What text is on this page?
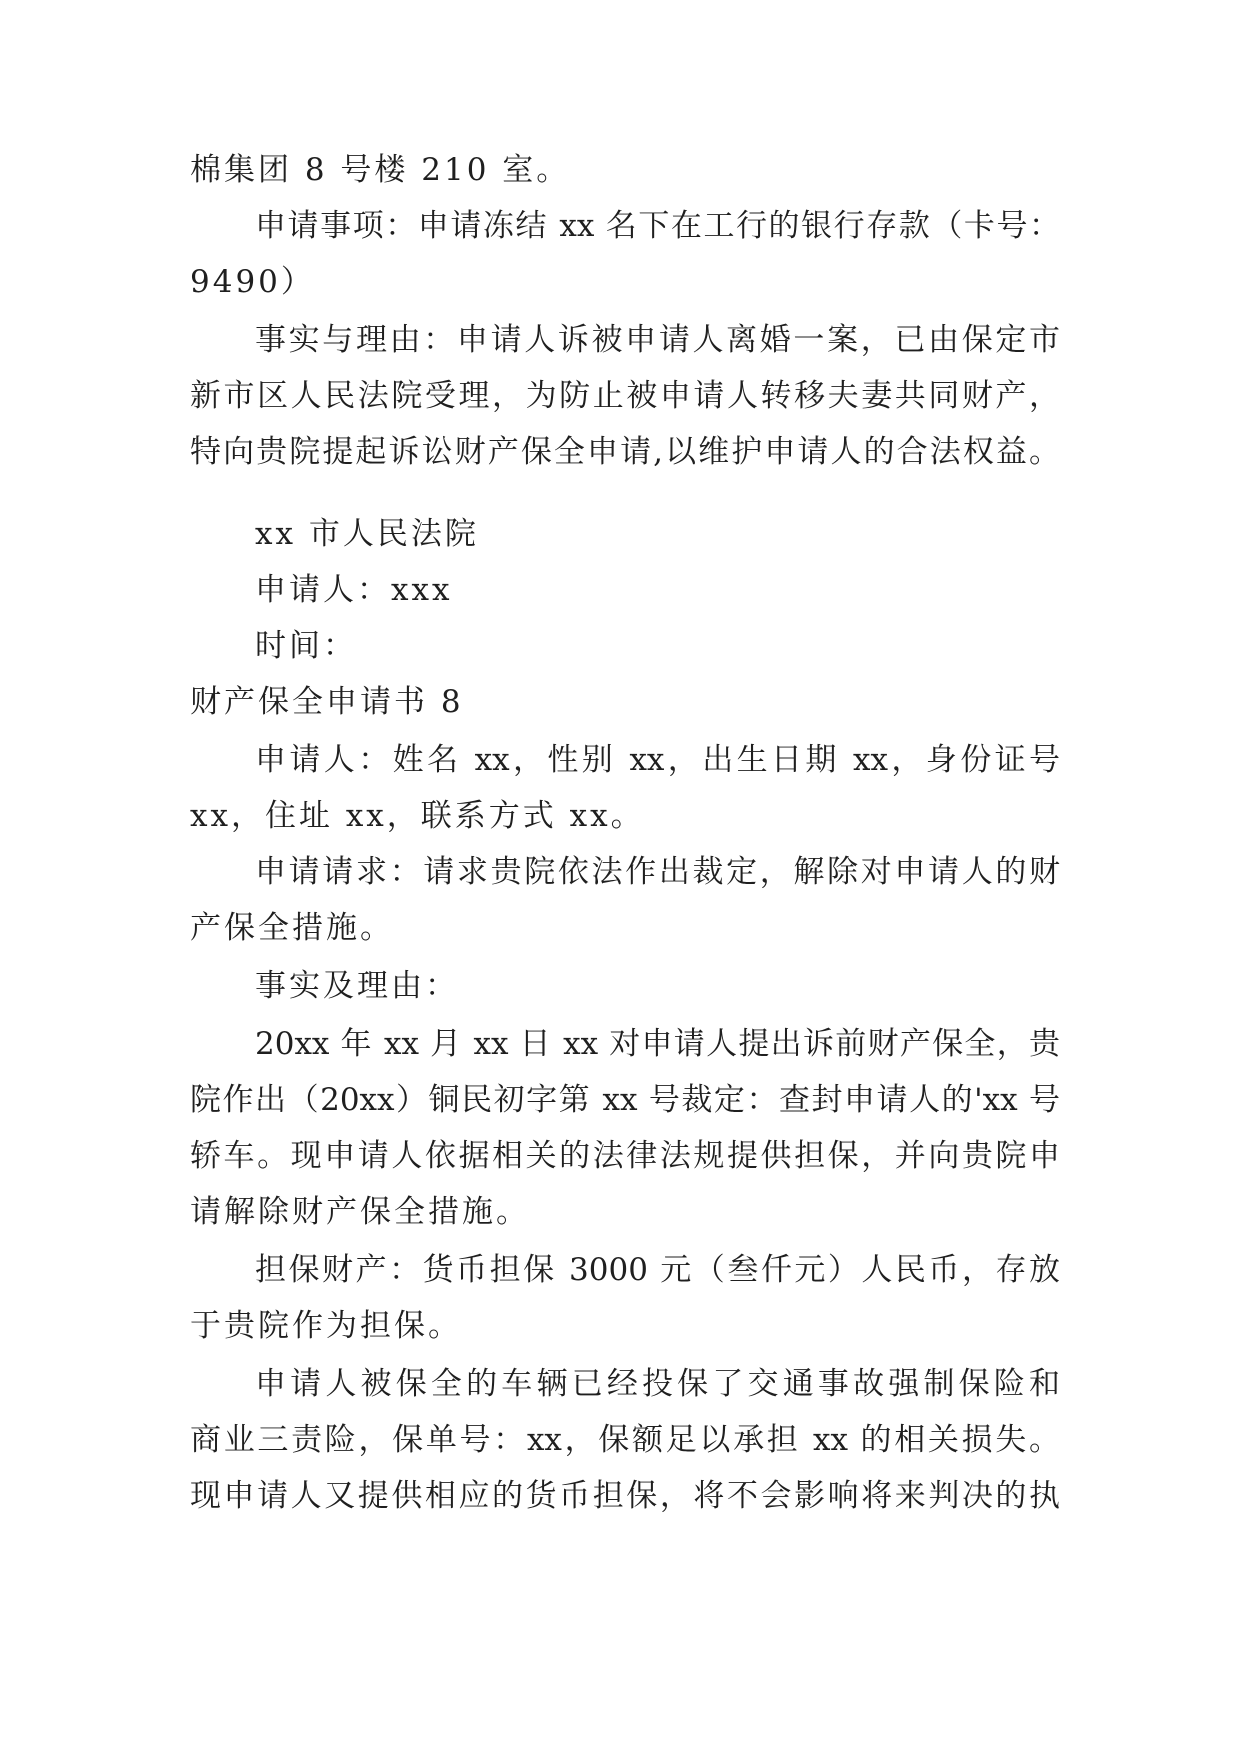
棉集团 8 号楼 210 室。
申请事项：申请冻结 xx 名下在工行的银行存款（卡号：
9490）
事实与理由：申请人诉被申请人离婚一案，已由保定市
新市区人民法院受理，为防止被申请人转移夫妻共同财产，
特向贵院提起诉讼财产保全申请,以维护申请人的合法权益。
xx 市人民法院
申请人：xxx
时间：
财产保全申请书 8
申请人：姓名 xx，性别 xx，出生日期 xx，身份证号
xx，住址 xx，联系方式 xx。
申请请求：请求贵院依法作出裁定，解除对申请人的财
产保全措施。
事实及理由：
20xx 年 xx 月 xx 日 xx 对申请人提出诉前财产保全，贵
院作出（20xx）铜民初字第 xx 号裁定：查封申请人的'xx 号
轿车。现申请人依据相关的法律法规提供担保，并向贵院申
请解除财产保全措施。
担保财产：货币担保 3000 元（叁仟元）人民币，存放
于贵院作为担保。
申请人被保全的车辆已经投保了交通事故强制保险和
商业三责险，保单号：xx，保额足以承担 xx 的相关损失。
现申请人又提供相应的货币担保，将不会影响将来判决的执
